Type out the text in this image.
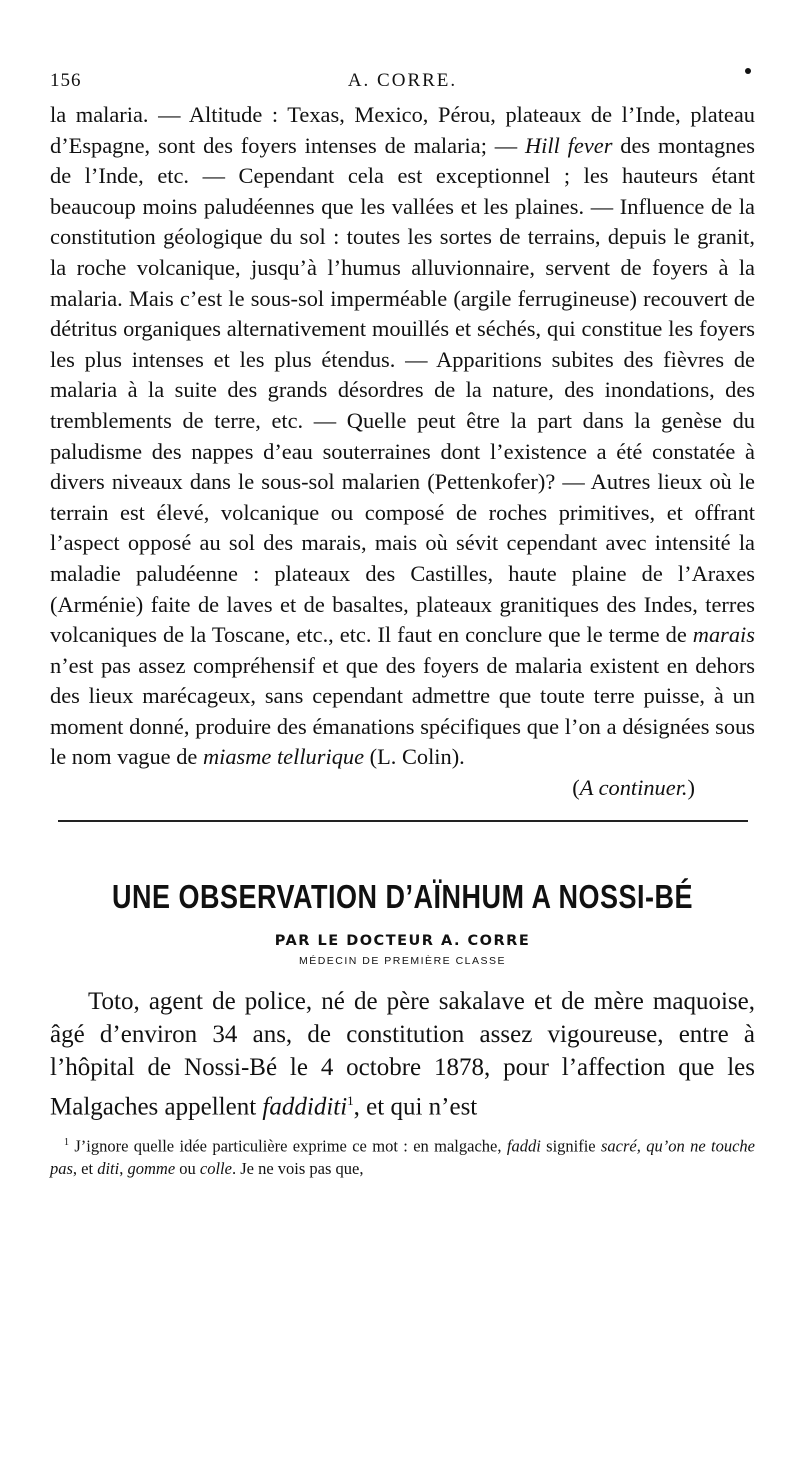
156	A. CORRE.

la malaria. — Altitude : Texas, Mexico, Pérou, plateaux de l’Inde, plateau d’Espagne, sont des foyers intenses de malaria; — Hill fever des montagnes de l’Inde, etc. — Cependant cela est exceptionnel ; les hauteurs étant beaucoup moins paludéennes que les vallées et les plaines. — Influence de la constitution géologique du sol : toutes les sortes de terrains, depuis le granit, la roche volcanique, jusqu’à l’humus alluvionnaire, servent de foyers à la malaria. Mais c’est le sous-sol imperméable (argile ferrugineuse) recouvert de détritus organiques alternativement mouillés et séchés, qui constitue les foyers les plus intenses et les plus étendus. — Apparitions subites des fièvres de malaria à la suite des grands désordres de la nature, des inondations, des tremblements de terre, etc. — Quelle peut être la part dans la genèse du paludisme des nappes d’eau souterraines dont l’existence a été constatée à divers niveaux dans le sous-sol malarien (Pettenkofer)? — Autres lieux où le terrain est élevé, volcanique ou composé de roches primitives, et offrant l’aspect opposé au sol des marais, mais où sévit cependant avec intensité la maladie paludéenne : plateaux des Castilles, haute plaine de l’Araxes (Arménie) faite de laves et de basaltes, plateaux granitiques des Indes, terres volcaniques de la Toscane, etc., etc. Il faut en conclure que le terme de marais n’est pas assez compréhensif et que des foyers de malaria existent en dehors des lieux marécageux, sans cependant admettre que toute terre puisse, à un moment donné, produire des émanations spécifiques que l’on a désignées sous le nom vague de miasme tellurique (L. Colin).

(A continuer.)

UNE OBSERVATION D’AÏNHUM A NOSSI-BÉ
PAR LE DOCTEUR A. CORRE
MÉDECIN DE PREMIÈRE CLASSE

Toto, agent de police, né de père sakalave et de mère maquoise, âgé d’environ 34 ans, de constitution assez vigoureuse, entre à l’hôpital de Nossi-Bé le 4 octobre 1878, pour l’affection que les Malgaches appellent faddiditi$^1$, et qui n’est

$^1$ J’ignore quelle idée particulière exprime ce mot : en malgache, faddi signifie sacré, qu’on ne touche pas, et diti, gomme ou colle. Je ne vois pas que,
